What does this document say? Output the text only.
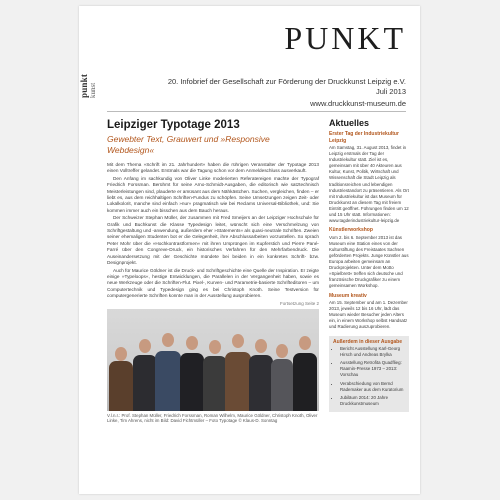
punkt kunst
PUNKT
20. Infobrief der Gesellschaft zur Förderung der Druckkunst Leipzig e.V.
Juli 2013
www.druckkunst-museum.de
Leipziger Typotage 2013
Gewebter Text, Grauwert und »Responsive Webdesign«

Mit dem Thema »Schrift im 21. Jahrhundert« haben die rührigen Veranstalter der Typotage 2013 einen Volltreffer gelandet. Erstmals war die Tagung schon vor dem Anmeldeschluss ausverkauft.

Den Anfang im sachkundig von Oliver Linke moderierten Referatereigen machte der Typograf Friedrich Forssman. Berühmt für seine Arno-Schmidt-Ausgaben, die editorisch wie satztechnisch Meisterleistungen sind, plauderte er amüsant aus dem Nähkästchen. Suchen, vergleichen, finden – er liebt es, aus dem reichhaltigen Schriften-Fundus zu schöpfen. Seine Umsetzungen zeigen Zeit- oder Lokalkolorit, manche sind einfach »nur« pragmatisch wie bei Reclams Universal-Bibliothek, und: Sie kommen immer auch ein bisschen aus dem Bauch heraus.

Der Schweizer Stephan Müller, der zusammen mit Fred Smeijers an der Leipziger Hochschule für Grafik und Buchkunst die Klasse Typedesign leitet, wünscht sich eine Verschmelzung von Schriftgestaltung und -anwendung, außerdem eher »Statements« als quasi-neutrale Schriften. Zweien seiner ehemaligen Studenten bot er die Gelegenheit, ihre Abschlussarbeiten vorzustellen. So sprach Peter Mohr über die »Hochkontrastformen« mit ihren Ursprüngen im Kupferstich und Pierre Pané-Farré über den Congreve-Druck, ein historisches Verfahren für den Mehrfarbendruck. Die Auseinandersetzung mit der Geschichte mündete bei beiden in ein konkretes Schrift- bzw. Designprojekt.

Auch für Maurice Göldner ist die Druck- und Schriftgeschichte eine Quelle der Inspiration. Er zeigte einige »Typeloops«, hestige Entwicklungen, die Parallelen in der Vergangenheit haben, sowie es neue Werkzeuge oder die Schriften-Flut. Pixel-, Kurven- und Parametrie-basierte Schrifteditoren – um Computertechnik und Typedesign ging es bei Christoph Knoth. Seine Testversion für computergenerierte Schriften konnte man in der Ausstellung ausprobieren.

Fortsetzung Seite 2
V.l.n.r.: Prof. Stephan Müller, Friedrich Forssman, Roman Wilhelm, Maurice Göldner, Christoph Knoth, Oliver Linke, Tim Ahrens, nicht im Bild: David Fichtmüller – Foto Typotage © Klaus-D. Sonntag
Aktuelles
Erster Tag der Industriekultur Leipzig
Am Samstag, 31. August 2013, findet in Leipzig erstmals der Tag der Industriekultur statt. Ziel ist es, gemeinsam mit über 40 Akteuren aus Kultur, Kunst, Politik, Wirtschaft und Wissenschaft die Stadt Leipzig als traditionsreichen und lebendigen Industriestandort zu präsentieren. Als Ort mit Industriekultur ist das Museum für Druckkunst an diesem Tag mit freiem Eintritt geöffnet. Führungen finden um 12 und 15 Uhr statt. Informationen: www.tagderindustriekultur-leipzig.de
Künstlerworkshop
Vom 2. bis 6. September 2013 ist das Museum eine Station eines von der Kulturstiftung des Freistaates Sachsen geförderten Projekts. Junge Künstler aus Europa arbeiten gemeinsam an Druckprojekten. Unter dem Motto »Spielbrett« treffen sich deutsche und französische Druckgrafiker zu einem gemeinsamen Workshop.
Museum kreativ
Am 15. September und am 1. Dezember 2013, jeweils 12 bis 16 Uhr, lädt das Museum wieder Besucher jeden Alters ein, in einem Workshop selbst Handsatz und Radierung auszuprobieren.
Außerdem in dieser Ausgabe
• Bericht Ausstellung Karl-Georg Hirsch und Andreas Brylka
• Ausstellung Retrofita Quadflieg: Raamin-Presse 1973 – 2013: Vorschau
• Verabschiedung von Bernd Rademaker aus dem Kuratorium
• Jubiläum 2014: 20 Jahre Druckkunstmuseum
